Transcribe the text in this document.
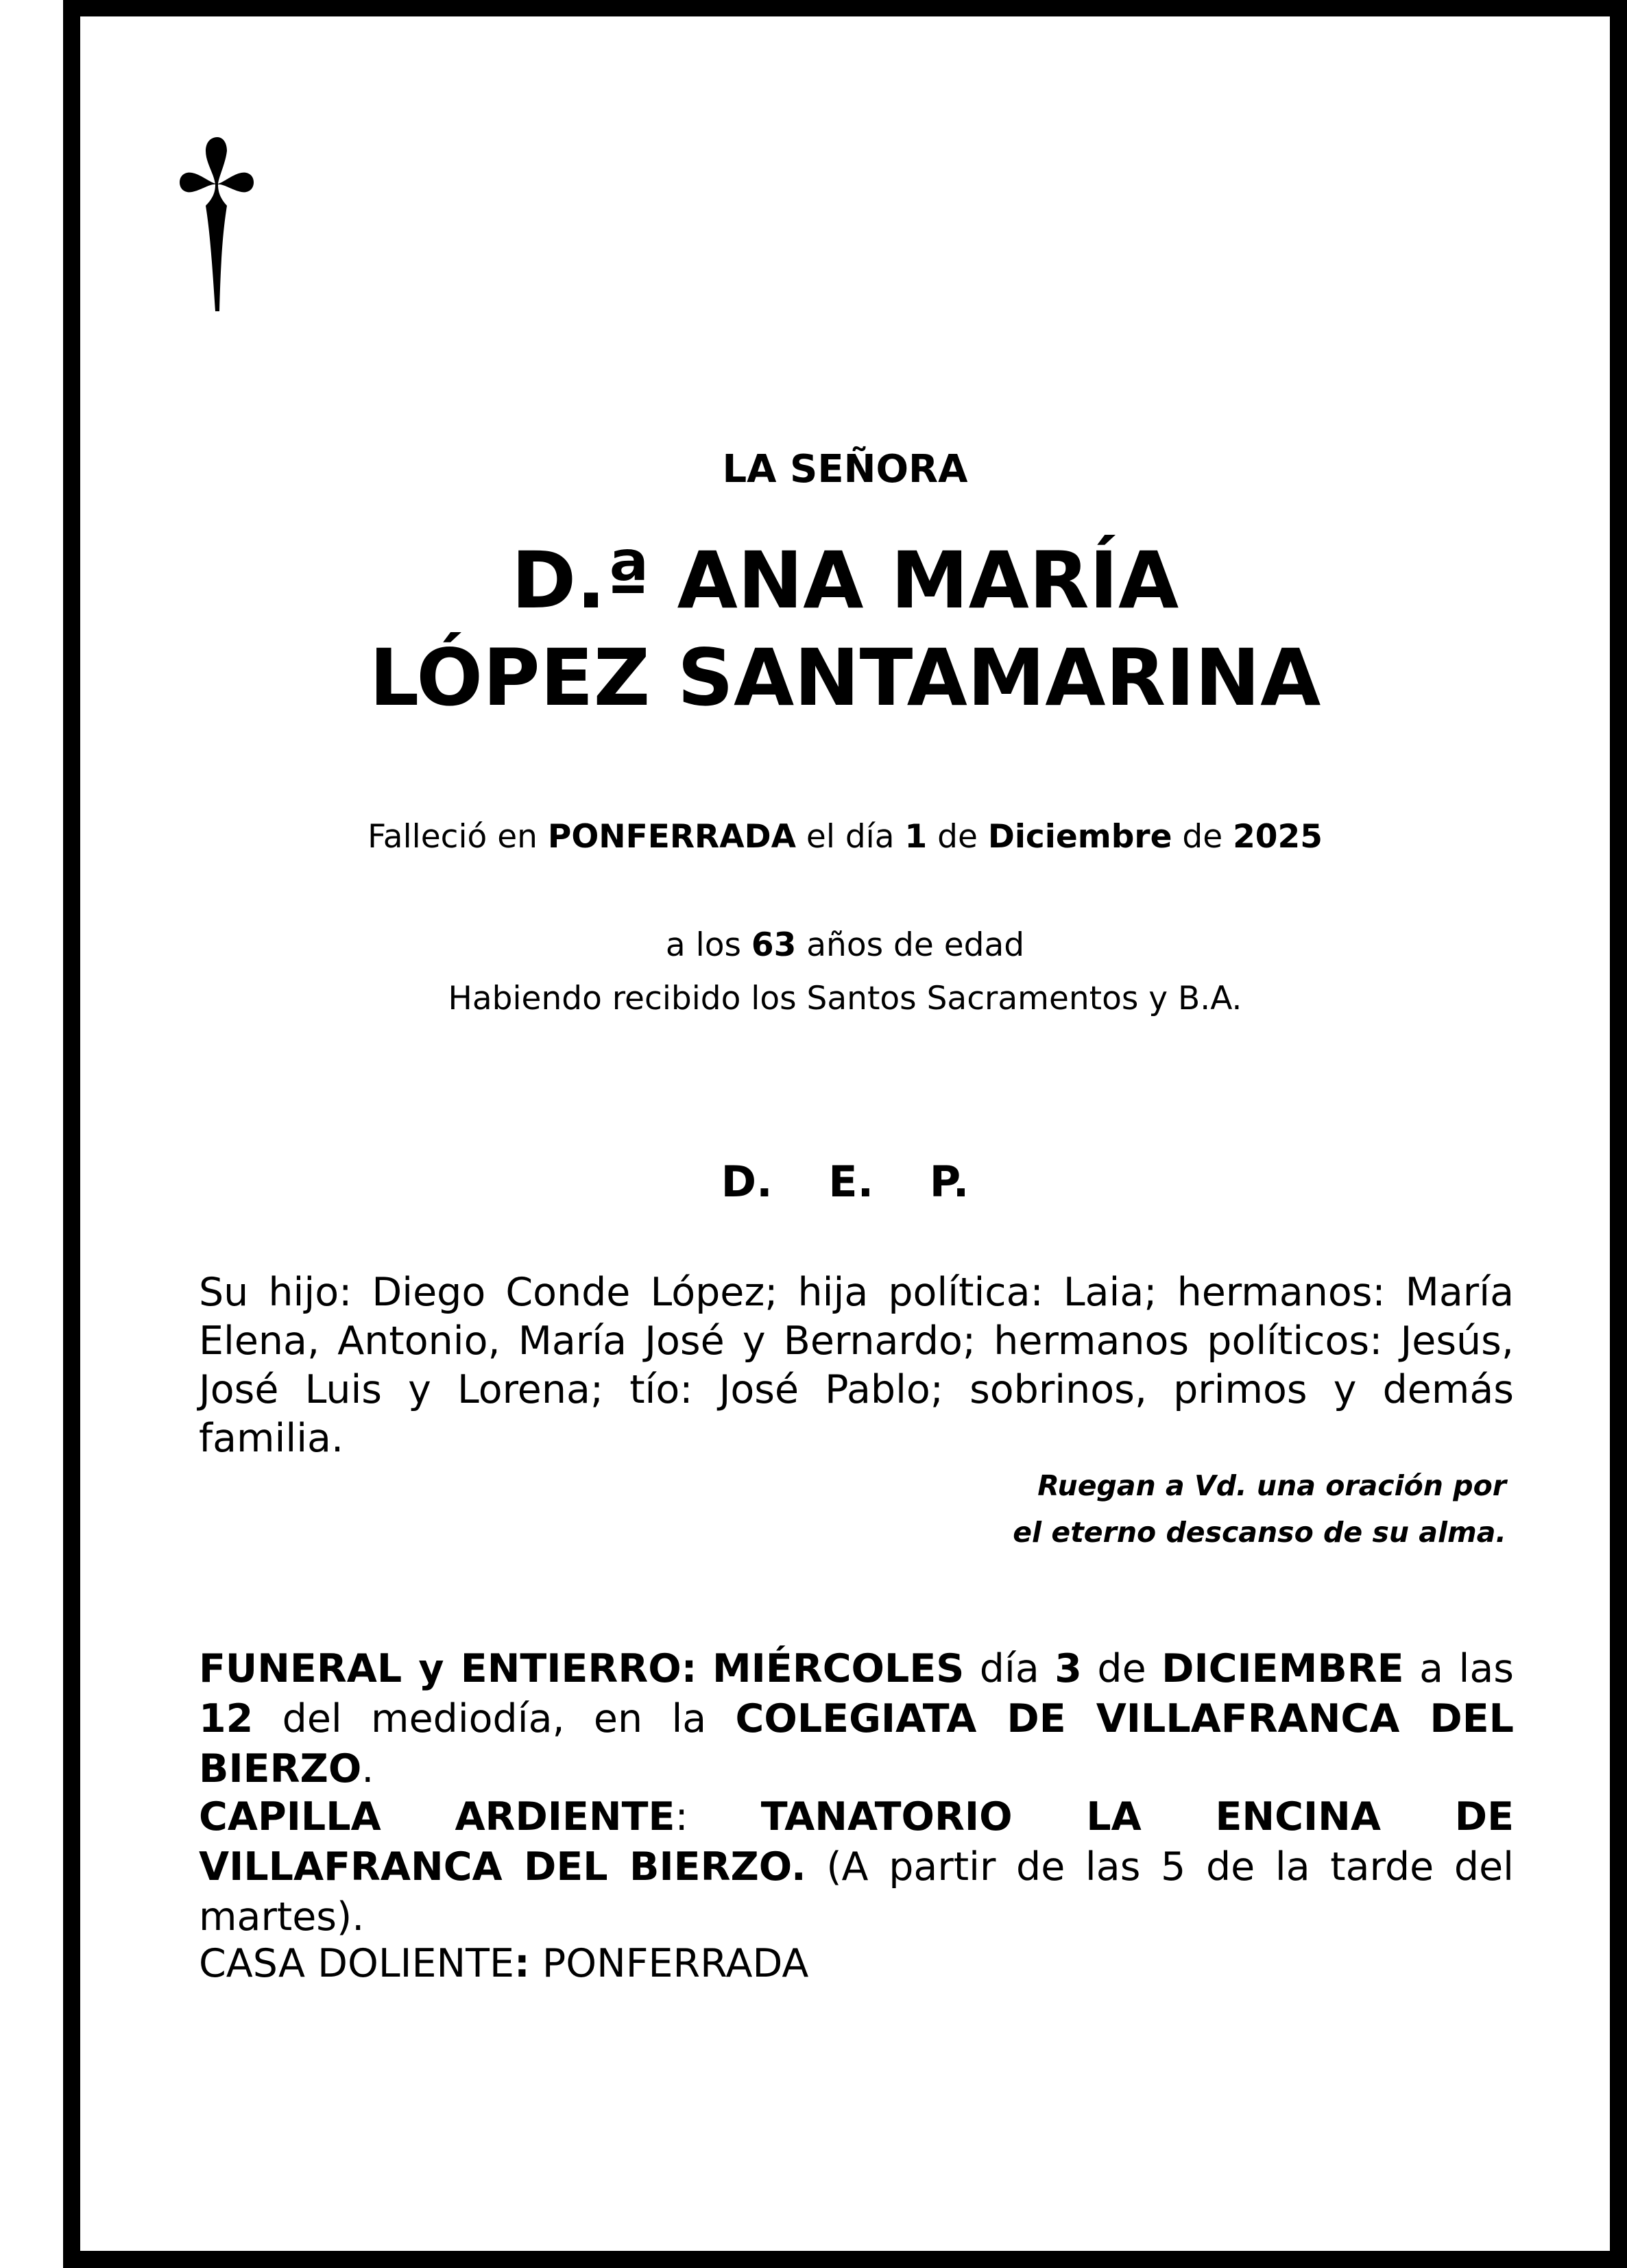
LA SEÑORA

D.ª ANA MARÍA

LÓPEZ SANTAMARINA

Falleció en PONFERRADA el día 1 de Diciembre de 2025

a los 63 años de edad

Habiendo recibido los Santos Sacramentos y B.A.

D. E. P.

Su hijo: Diego Conde López; hija política: Laia; hermanos: María Elena, Antonio, María José y Bernardo; hermanos políticos: Jesús, José Luis y Lorena; tío: José Pablo; sobrinos, primos y demás familia.

Ruegan a Vd. una oración por
el eterno descanso de su alma.

FUNERAL y ENTIERRO: MIÉRCOLES día 3 de DICIEMBRE a las 12 del mediodía, en la COLEGIATA DE VILLAFRANCA DEL BIERZO.

CAPILLA ARDIENTE: TANATORIO LA ENCINA DE VILLAFRANCA DEL BIERZO. (A partir de las 5 de la tarde del martes).

CASA DOLIENTE: PONFERRADA
